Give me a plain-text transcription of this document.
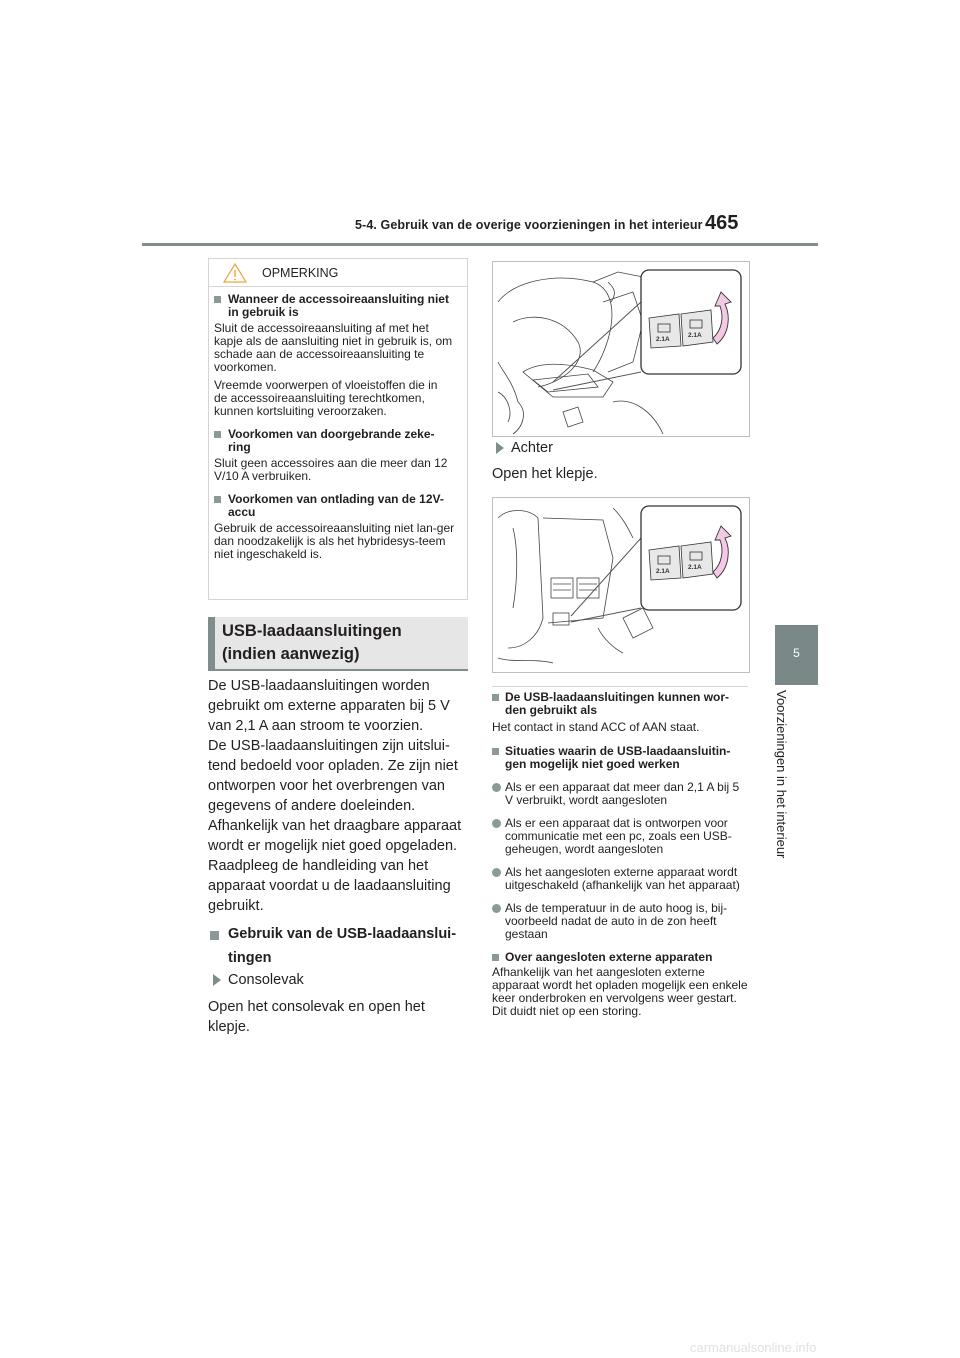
5-4. Gebruik van de overige voorzieningen in het interieur 465
5
Voorzieningen in het interieur
OPMERKING
Wanneer de accessoireaansluiting niet in gebruik is
Sluit de accessoireaansluiting af met het kapje als de aansluiting niet in gebruik is, om schade aan de accessoireaansluiting te voorkomen.
Vreemde voorwerpen of vloeistoffen die in de accessoireaansluiting terechtkomen, kunnen kortsluiting veroorzaken.
Voorkomen van doorgebrande zeke-ring
Sluit geen accessoires aan die meer dan 12 V/10 A verbruiken.
Voorkomen van ontlading van de 12V-accu
Gebruik de accessoireaansluiting niet lan-ger dan noodzakelijk is als het hybridesys-teem niet ingeschakeld is.
USB-laadaansluitingen
(indien aanwezig)
De USB-laadaansluitingen worden
gebruikt om externe apparaten bij 5 V
van 2,1 A aan stroom te voorzien.
De USB-laadaansluitingen zijn uitslui-
tend bedoeld voor opladen. Ze zijn niet
ontworpen voor het overbrengen van
gegevens of andere doeleinden.
Afhankelijk van het draagbare apparaat
wordt er mogelijk niet goed opgeladen.
Raadpleeg de handleiding van het
apparaat voordat u de laadaansluiting
gebruikt.
Gebruik van de USB-laadaanslui-
tingen
Consolevak
Open het consolevak en open het
klepje.
2.1A
2.1A
Achter
Open het klepje.
2.1A
2.1A
De USB-laadaansluitingen kunnen wor-den gebruikt als
Het contact in stand ACC of AAN staat.
Situaties waarin de USB-laadaansluitin-gen mogelijk niet goed werken
Als er een apparaat dat meer dan 2,1 A bij 5 V verbruikt, wordt aangesloten
Als er een apparaat dat is ontworpen voor communicatie met een pc, zoals een USB-geheugen, wordt aangesloten
Als het aangesloten externe apparaat wordt uitgeschakeld (afhankelijk van het apparaat)
Als de temperatuur in de auto hoog is, bij-voorbeeld nadat de auto in de zon heeft gestaan
Over aangesloten externe apparaten
Afhankelijk van het aangesloten externe apparaat wordt het opladen mogelijk een enkele keer onderbroken en vervolgens weer gestart. Dit duidt niet op een storing.
carmanualsonline.info
